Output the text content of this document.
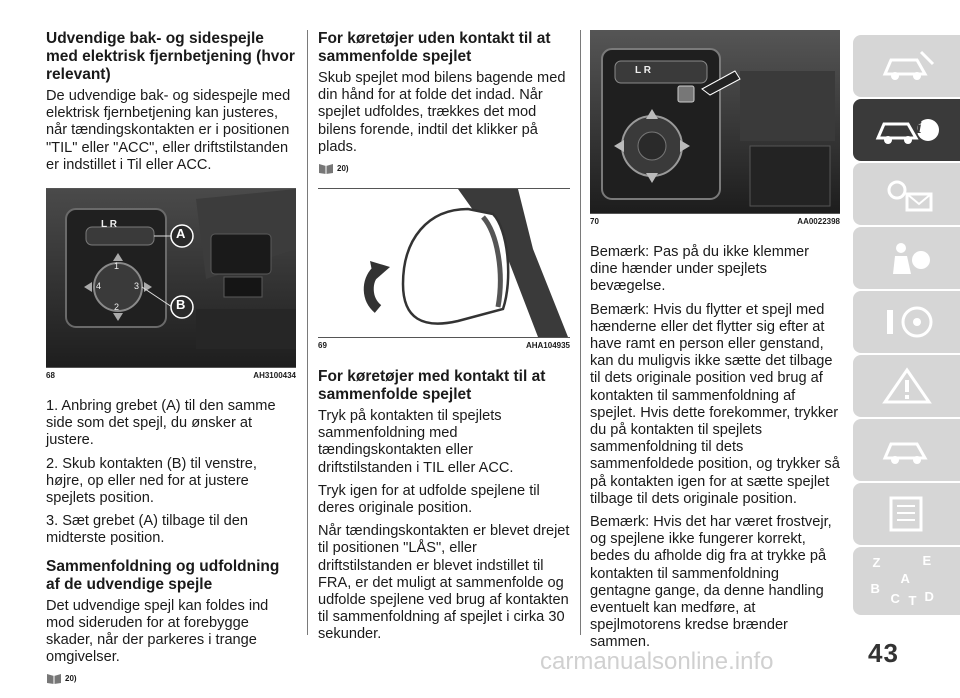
Udvendige bak- og sidespejle med elektrisk fjernbetjening (hvor relevant)

De udvendige bak- og sidespejle med elektrisk fjernbetjening kan justeres, når tændingskontakten er i positionen "TIL" eller "ACC", eller driftstilstanden er indstillet i Til eller ACC.

L R
A
B
1
2
3
4
68	AH3100434

1. Anbring grebet (A) til den samme side som det spejl, du ønsker at justere.

2. Skub kontakten (B) til venstre, højre, op eller ned for at justere spejlets position.

3. Sæt grebet (A) tilbage til den midterste position.

Sammenfoldning og udfoldning af de udvendige spejle

Det udvendige spejl kan foldes ind mod sideruden for at forebygge skader, når der parkeres i trange omgivelser.

20)
For køretøjer uden kontakt til at sammenfolde spejlet

Skub spejlet mod bilens bagende med din hånd for at folde det indad. Når spejlet udfoldes, trækkes det mod bilens forende, indtil det klikker på plads.

20)
69	AHA104935
For køretøjer med kontakt til at sammenfolde spejlet

Tryk på kontakten til spejlets sammenfoldning med tændingskontakten eller driftstilstanden i TIL eller ACC.

Tryk igen for at udfolde spejlene til deres originale position.

Når tændingskontakten er blevet drejet til positionen "LÅS", eller driftstilstanden er blevet indstillet til FRA, er det muligt at sammenfolde og udfolde spejlene ved brug af kontakten til sammenfoldning af spejlet i cirka 30 sekunder.

L R
70	AA0022398

Bemærk: Pas på du ikke klemmer dine hænder under spejlets bevægelse.

Bemærk: Hvis du flytter et spejl med hænderne eller det flytter sig efter at have ramt en person eller genstand, kan du muligvis ikke sætte det tilbage til dets originale position ved brug af kontakten til sammenfoldning af spejlet. Hvis dette forekommer, trykker du på kontakten til spejlets sammenfoldning til dets sammenfoldede position, og trykker så på kontakten igen for at sætte spejlet tilbage til dets originale position.

Bemærk: Hvis det har været frostvejr, og spejlene ikke fungerer korrekt, bedes du afholde dig fra at trykke på kontakten til sammenfoldning gentagne gange, da denne handling eventuelt kan medføre, at spejlmotorens kredse brænder sammen.

i
Z	E
A
B
C D
T
43
carmanualsonline.info
